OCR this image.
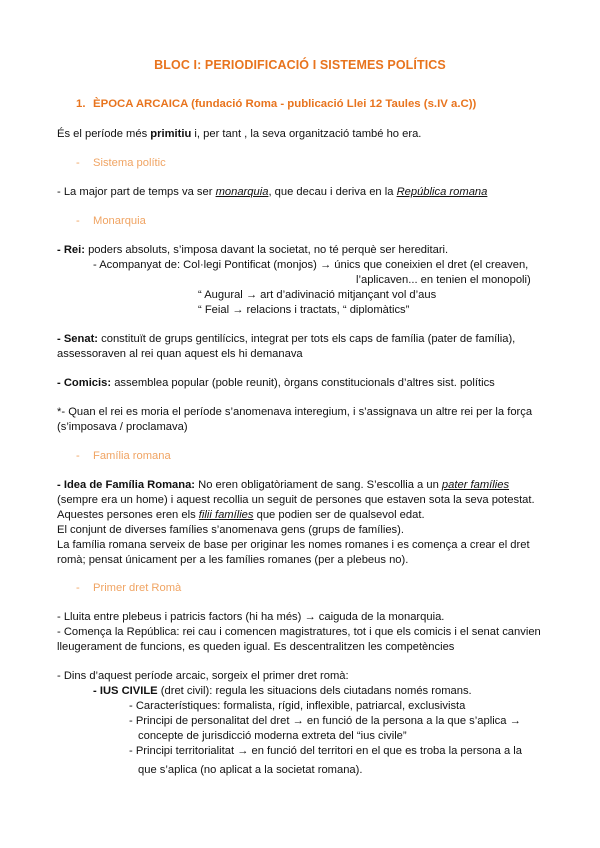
BLOC I: PERIODIFICACIÓ I SISTEMES POLÍTICS
1. ÈPOCA ARCAICA (fundació Roma - publicació Llei 12 Taules (s.IV a.C))
És el període més primitiu i, per tant , la seva organització també ho era.
- Sistema polític
- La major part de temps va ser monarquia, que decau i deriva en la República romana
- Monarquia
- Rei: poders absoluts, s’imposa davant la societat, no té perquè ser hereditari.
- Acompanyat de: Col·legi Pontificat (monjos) → únics que coneixien el dret (el creaven,
l’aplicaven... en tenien el monopoli)
“ Augural → art d’adivinació mitjançant vol d’aus
“ Feial → relacions i tractats, “ diplomàtics”
- Senat: constituït de grups gentilícics, integrat per tots els caps de família (pater de família),
assessoraven al rei quan aquest els hi demanava
- Comicis: assemblea popular (poble reunit), òrgans constitucionals d’altres sist. polítics
*- Quan el rei es moria el període s’anomenava interegium, i s’assignava un altre rei per la força
(s’imposava / proclamava)
- Família romana
- Idea de Família Romana: No eren obligatòriament de sang. S’escollia a un pater famílies
(sempre era un home) i aquest recollia un seguit de persones que estaven sota la seva potestat.
Aquestes persones eren els filii famílies que podien ser de qualsevol edat.
El conjunt de diverses famílies s’anomenava gens (grups de famílies).
La família romana serveix de base per originar les nomes romanes i es comença a crear el dret
romà; pensat únicament per a les famílies romanes (per a plebeus no).
- Primer dret Romà
- Lluita entre plebeus i patricis factors (hi ha més) → caiguda de la monarquia.
- Comença la República: rei cau i comencen magistratures, tot i que els comicis i el senat canvien
lleugerament de funcions, es queden igual. Es descentralitzen les competències
- Dins d’aquest període arcaic, sorgeix el primer dret romà:
- IUS CIVILE (dret civil): regula les situacions dels ciutadans només romans.
- Característiques: formalista, rígid, inflexible, patriarcal, exclusivista
- Principi de personalitat del dret → en funció de la persona a la que s’aplica →
concepte de jurisdicció moderna extreta del “ius civile”
- Principi territorialitat → en funció del territori en el que es troba la persona a la
que s’aplica (no aplicat a la societat romana).
